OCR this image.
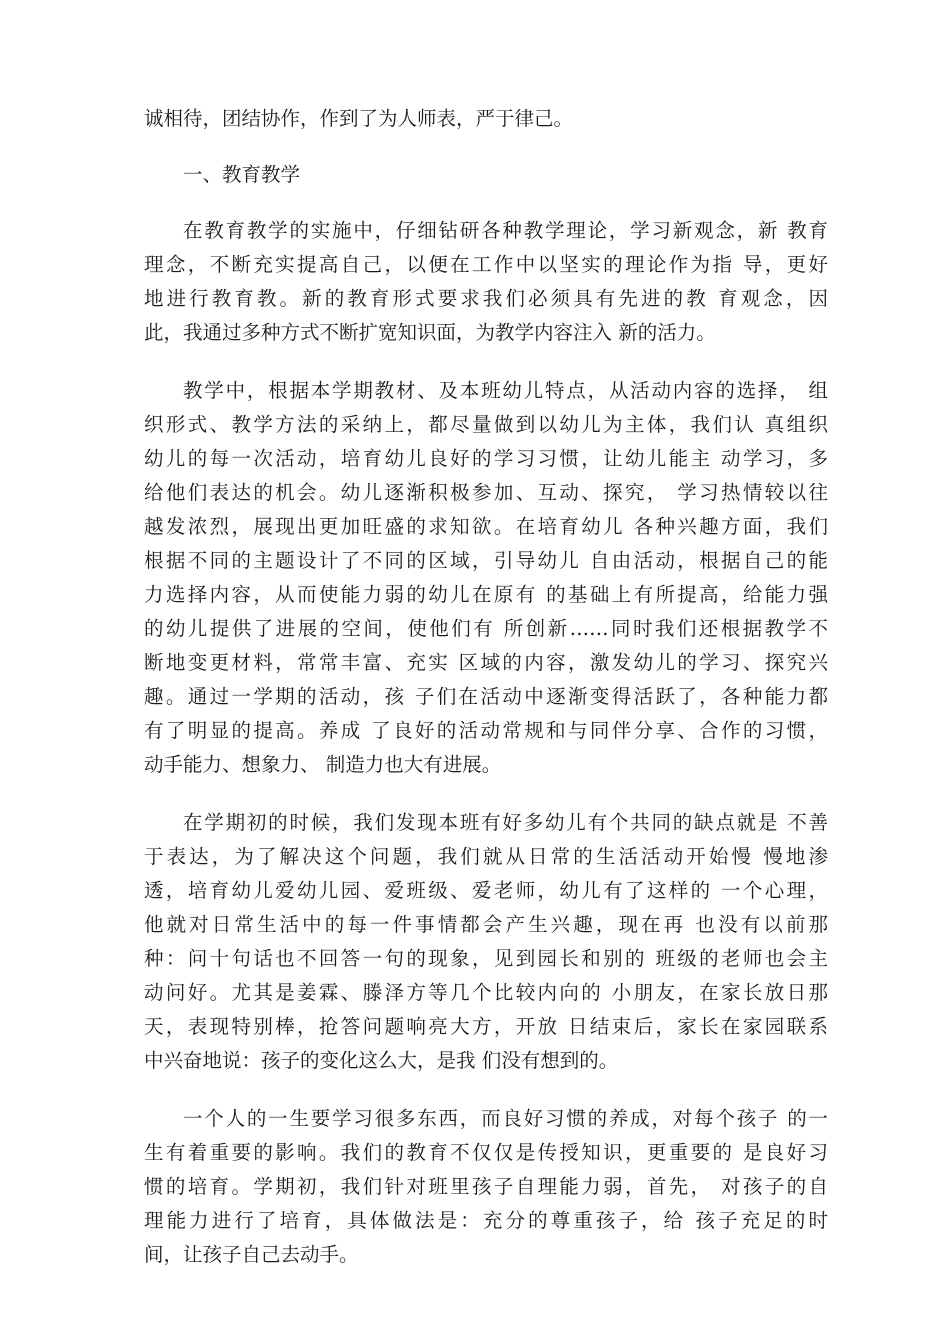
诚相待，团结协作，作到了为人师表，严于律己。
一、教育教学
在教育教学的实施中，仔细钻研各种教学理论，学习新观念，新 教育
理念，不断充实提高自己，以便在工作中以坚实的理论作为指 导，更好
地进行教育教。新的教育形式要求我们必须具有先进的教 育观念，因
此，我通过多种方式不断扩宽知识面，为教学内容注入 新的活力。
教学中，根据本学期教材、及本班幼儿特点，从活动内容的选择， 组
织形式、教学方法的采纳上，都尽量做到以幼儿为主体，我们认 真组织
幼儿的每一次活动，培育幼儿良好的学习习惯，让幼儿能主 动学习，多
给他们表达的机会。幼儿逐渐积极参加、互动、探究， 学习热情较以往
越发浓烈，展现出更加旺盛的求知欲。在培育幼儿 各种兴趣方面，我们
根据不同的主题设计了不同的区域，引导幼儿 自由活动，根据自己的能
力选择内容，从而使能力弱的幼儿在原有 的基础上有所提高，给能力强
的幼儿提供了进展的空间，使他们有 所创新……同时我们还根据教学不
断地变更材料，常常丰富、充实 区域的内容，激发幼儿的学习、探究兴
趣。通过一学期的活动，孩 子们在活动中逐渐变得活跃了，各种能力都
有了明显的提高。养成 了良好的活动常规和与同伴分享、合作的习惯，
动手能力、想象力、 制造力也大有进展。
在学期初的时候，我们发现本班有好多幼儿有个共同的缺点就是 不善
于表达，为了解决这个问题，我们就从日常的生活活动开始慢 慢地渗
透，培育幼儿爱幼儿园、爱班级、爱老师，幼儿有了这样的 一个心理，
他就对日常生活中的每一件事情都会产生兴趣，现在再 也没有以前那
种：问十句话也不回答一句的现象，见到园长和别的 班级的老师也会主
动问好。尤其是姜霖、滕泽方等几个比较内向的 小朋友，在家长放日那
天，表现特别棒，抢答问题响亮大方，开放 日结束后，家长在家园联系
中兴奋地说：孩子的变化这么大，是我 们没有想到的。
一个人的一生要学习很多东西，而良好习惯的养成，对每个孩子 的一
生有着重要的影响。我们的教育不仅仅是传授知识，更重要的 是良好习
惯的培育。学期初，我们针对班里孩子自理能力弱，首先， 对孩子的自
理能力进行了培育，具体做法是：充分的尊重孩子，给 孩子充足的时
间，让孩子自己去动手。
